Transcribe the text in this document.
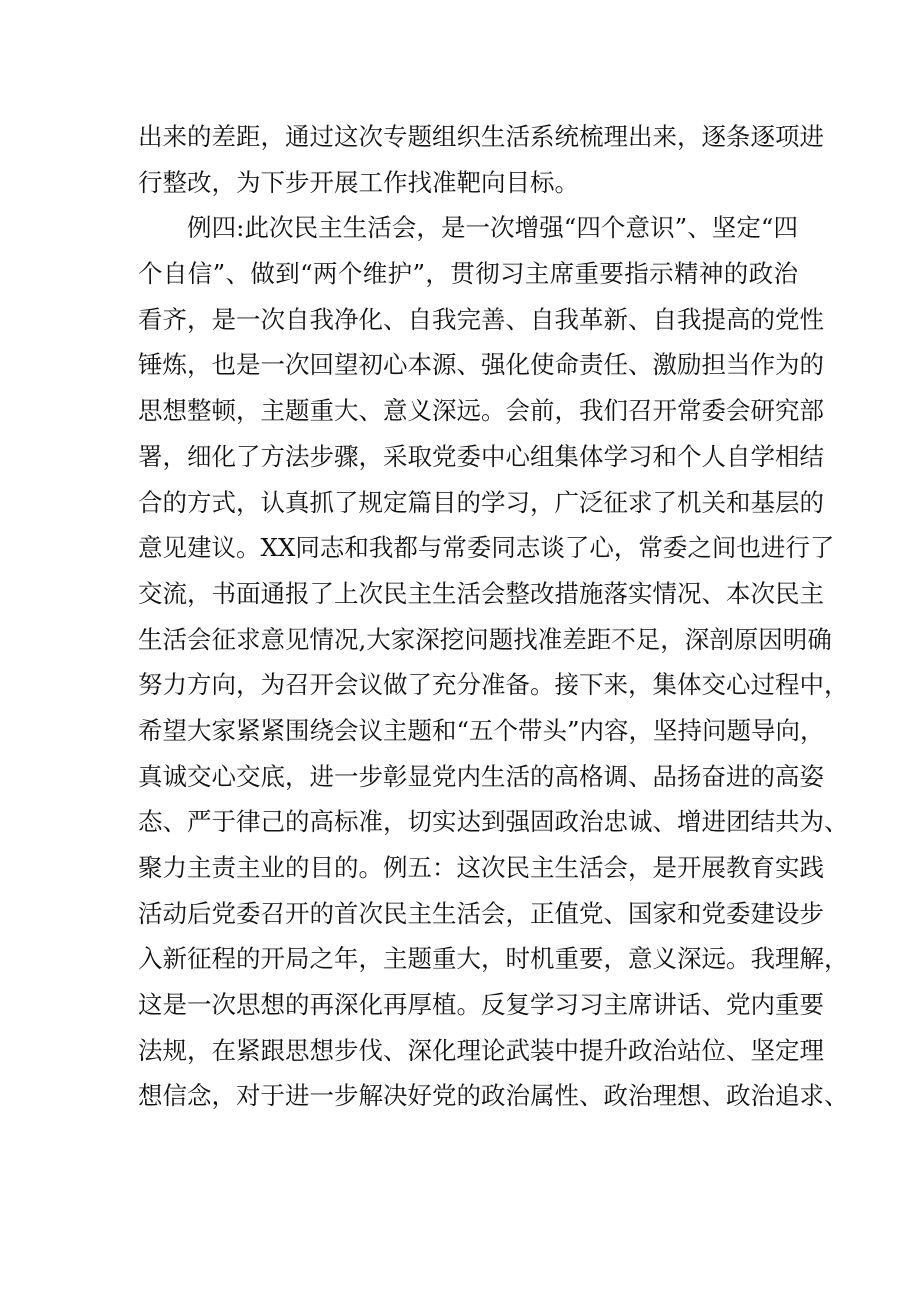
出来的差距，通过这次专题组织生活系统梳理出来，逐条逐项进
行整改，为下步开展工作找准靶向目标。
例四:此次民主生活会，是一次增强“四个意识”、坚定“四
个自信”、做到“两个维护”，贯彻习主席重要指示精神的政治
看齐，是一次自我净化、自我完善、自我革新、自我提高的党性
锤炼，也是一次回望初心本源、强化使命责任、激励担当作为的
思想整顿，主题重大、意义深远。会前，我们召开常委会研究部
署，细化了方法步骤，采取党委中心组集体学习和个人自学相结
合的方式，认真抓了规定篇目的学习，广泛征求了机关和基层的
意见建议。XX同志和我都与常委同志谈了心，常委之间也进行了
交流，书面通报了上次民主生活会整改措施落实情况、本次民主
生活会征求意见情况,大家深挖问题找准差距不足，深剖原因明确
努力方向，为召开会议做了充分准备。接下来，集体交心过程中，
希望大家紧紧围绕会议主题和“五个带头”内容，坚持问题导向，
真诚交心交底，进一步彰显党内生活的高格调、品扬奋进的高姿
态、严于律己的高标准，切实达到强固政治忠诚、增进团结共为、
聚力主责主业的目的。例五：这次民主生活会，是开展教育实践
活动后党委召开的首次民主生活会，正值党、国家和党委建设步
入新征程的开局之年，主题重大，时机重要，意义深远。我理解，
这是一次思想的再深化再厚植。反复学习习主席讲话、党内重要
法规，在紧跟思想步伐、深化理论武装中提升政治站位、坚定理
想信念，对于进一步解决好党的政治属性、政治理想、政治追求、
